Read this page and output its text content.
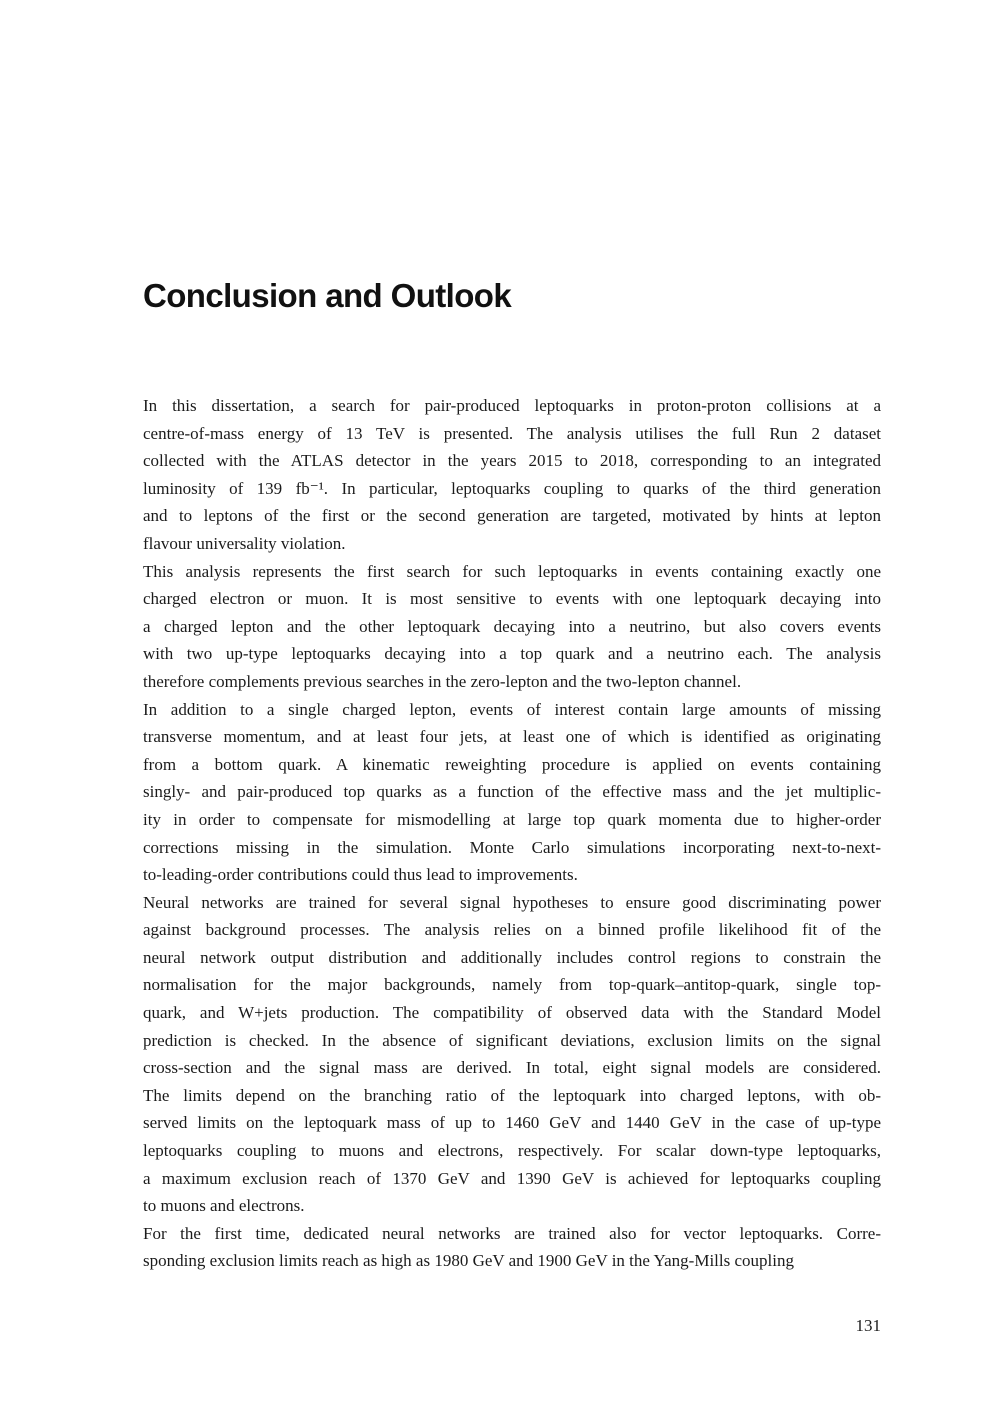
Conclusion and Outlook
In this dissertation, a search for pair-produced leptoquarks in proton-proton collisions at a
centre-of-mass energy of 13 TeV is presented. The analysis utilises the full Run 2 dataset
collected with the ATLAS detector in the years 2015 to 2018, corresponding to an integrated
luminosity of 139 fb⁻¹. In particular, leptoquarks coupling to quarks of the third generation
and to leptons of the first or the second generation are targeted, motivated by hints at lepton
flavour universality violation.
This analysis represents the first search for such leptoquarks in events containing exactly one
charged electron or muon. It is most sensitive to events with one leptoquark decaying into
a charged lepton and the other leptoquark decaying into a neutrino, but also covers events
with two up-type leptoquarks decaying into a top quark and a neutrino each. The analysis
therefore complements previous searches in the zero-lepton and the two-lepton channel.
In addition to a single charged lepton, events of interest contain large amounts of missing
transverse momentum, and at least four jets, at least one of which is identified as originating
from a bottom quark. A kinematic reweighting procedure is applied on events containing
singly- and pair-produced top quarks as a function of the effective mass and the jet multiplic-
ity in order to compensate for mismodelling at large top quark momenta due to higher-order
corrections missing in the simulation. Monte Carlo simulations incorporating next-to-next-
to-leading-order contributions could thus lead to improvements.
Neural networks are trained for several signal hypotheses to ensure good discriminating power
against background processes. The analysis relies on a binned profile likelihood fit of the
neural network output distribution and additionally includes control regions to constrain the
normalisation for the major backgrounds, namely from top-quark–antitop-quark, single top-
quark, and W+jets production. The compatibility of observed data with the Standard Model
prediction is checked. In the absence of significant deviations, exclusion limits on the signal
cross-section and the signal mass are derived. In total, eight signal models are considered.
The limits depend on the branching ratio of the leptoquark into charged leptons, with ob-
served limits on the leptoquark mass of up to 1460 GeV and 1440 GeV in the case of up-type
leptoquarks coupling to muons and electrons, respectively. For scalar down-type leptoquarks,
a maximum exclusion reach of 1370 GeV and 1390 GeV is achieved for leptoquarks coupling
to muons and electrons.
For the first time, dedicated neural networks are trained also for vector leptoquarks. Corre-
sponding exclusion limits reach as high as 1980 GeV and 1900 GeV in the Yang-Mills coupling
131
